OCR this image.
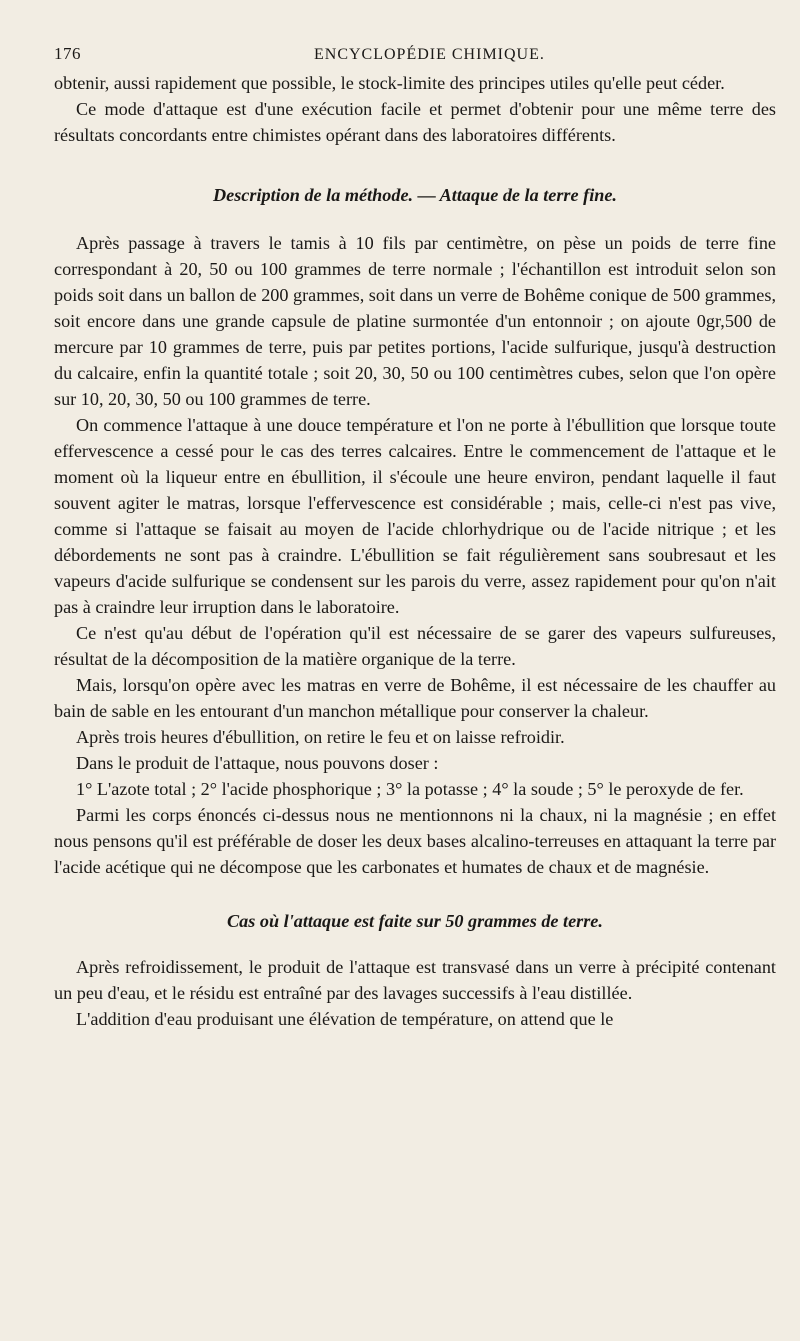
176	ENCYCLOPÉDIE CHIMIQUE.

obtenir, aussi rapidement que possible, le stock-limite des principes utiles qu'elle peut céder.

Ce mode d'attaque est d'une exécution facile et permet d'obtenir pour une même terre des résultats concordants entre chimistes opérant dans des laboratoires différents.

Description de la méthode. — Attaque de la terre fine.

Après passage à travers le tamis à 10 fils par centimètre, on pèse un poids de terre fine correspondant à 20, 50 ou 100 grammes de terre normale ; l'échantillon est introduit selon son poids soit dans un ballon de 200 grammes, soit dans un verre de Bohême conique de 500 grammes, soit encore dans une grande capsule de platine surmontée d'un entonnoir ; on ajoute 0gr,500 de mercure par 10 grammes de terre, puis par petites portions, l'acide sulfurique, jusqu'à destruction du calcaire, enfin la quantité totale ; soit 20, 30, 50 ou 100 centimètres cubes, selon que l'on opère sur 10, 20, 30, 50 ou 100 grammes de terre.

On commence l'attaque à une douce température et l'on ne porte à l'ébullition que lorsque toute effervescence a cessé pour le cas des terres calcaires. Entre le commencement de l'attaque et le moment où la liqueur entre en ébullition, il s'écoule une heure environ, pendant laquelle il faut souvent agiter le matras, lorsque l'effervescence est considérable ; mais, celle-ci n'est pas vive, comme si l'attaque se faisait au moyen de l'acide chlorhydrique ou de l'acide nitrique ; et les débordements ne sont pas à craindre. L'ébullition se fait régulièrement sans soubresaut et les vapeurs d'acide sulfurique se condensent sur les parois du verre, assez rapidement pour qu'on n'ait pas à craindre leur irruption dans le laboratoire.

Ce n'est qu'au début de l'opération qu'il est nécessaire de se garer des vapeurs sulfureuses, résultat de la décomposition de la matière organique de la terre.

Mais, lorsqu'on opère avec les matras en verre de Bohême, il est nécessaire de les chauffer au bain de sable en les entourant d'un manchon métallique pour conserver la chaleur.

Après trois heures d'ébullition, on retire le feu et on laisse refroidir.

Dans le produit de l'attaque, nous pouvons doser :

1° L'azote total ; 2° l'acide phosphorique ; 3° la potasse ; 4° la soude ; 5° le peroxyde de fer.

Parmi les corps énoncés ci-dessus nous ne mentionnons ni la chaux, ni la magnésie ; en effet nous pensons qu'il est préférable de doser les deux bases alcalino-terreuses en attaquant la terre par l'acide acétique qui ne décompose que les carbonates et humates de chaux et de magnésie.

Cas où l'attaque est faite sur 50 grammes de terre.

Après refroidissement, le produit de l'attaque est transvasé dans un verre à précipité contenant un peu d'eau, et le résidu est entraîné par des lavages successifs à l'eau distillée.

L'addition d'eau produisant une élévation de température, on attend que le
